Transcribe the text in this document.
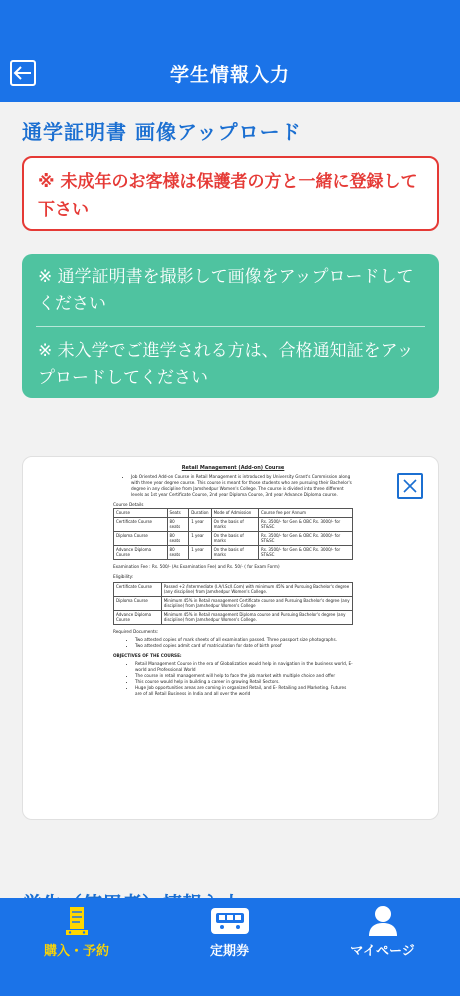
学生情報入力
通学証明書 画像アップロード
※ 未成年のお客様は保護者の方と一緒に登録して下さい
※ 通学証明書を撮影して画像をアップロードしてください
※ 未入学でご進学される方は、合格通知証をアップロードしてください
Retail Management (Add-on) Course
• Job Oriented Add-on Course in Retail Management is introduced by University Grant's Commission along with three year degree course. This course is meant for those students who are pursuing their Bachelor's degree in any discipline from Jamshedpur Women's College. The course is divided into three different levels as 1st year Certificate Course, 2nd year Diploma Course, 3rd year Advance Diploma course.
Course Details
Course	Seats	Duration	Mode of Admission	Course fee per Annum
Certificate Course	80 seats	1 year	On the basis of marks	Rs. 3500/- for Gen & OBC Rs. 3000/- for ST&SC
Diploma Course	80 seats	1 year	On the basis of marks	Rs. 3500/- for Gen & OBC Rs. 3000/- for ST&SC
Advance Diploma Course	80 seats	1 year	On the basis of marks	Rs. 3500/- for Gen & OBC Rs. 3000/- for ST&SC
Examination Fee : Rs. 500/- (As Examination Fee) and Rs. 50/- ( for Exam Form)
Eligibility:
Certificate Course	Passed +2 /Intermediate (I.A/I.Sc/I.Com) with minimum 45% and Pursuing Bachelor's degree (any discipline) from Jamshedpur Women's College.
Diploma Course	Minimum 45% in Retail management Certificate course and Pursuing Bachelor's degree (any discipline) from Jamshedpur Women's College
Advance Diploma Course	Minimum 45% in Retail management Diploma course and Pursuing Bachelor's degree (any discipline) from Jamshedpur Women's College.
Required Documents:
• Two attested copies of mark sheets of all examination passed. Three passport size photographs.
• Two attested copies admit card of matriculation for date of birth proof
OBJECTIVES OF THE COURSE:
• Retail Management Course in the era of Globalization would help in navigation in the business world, E-world and Professional World
• The course in retail management will help to face the job market with multiple choice and offer
• This course would help in building a career in growing Retail Sectors.
• Huge Job opportunities areas are coming in organized Retail, and E- Retailing and Marketing. Futures are of all Retail Business in India and all over the world
購入・予約	定期券	マイページ
